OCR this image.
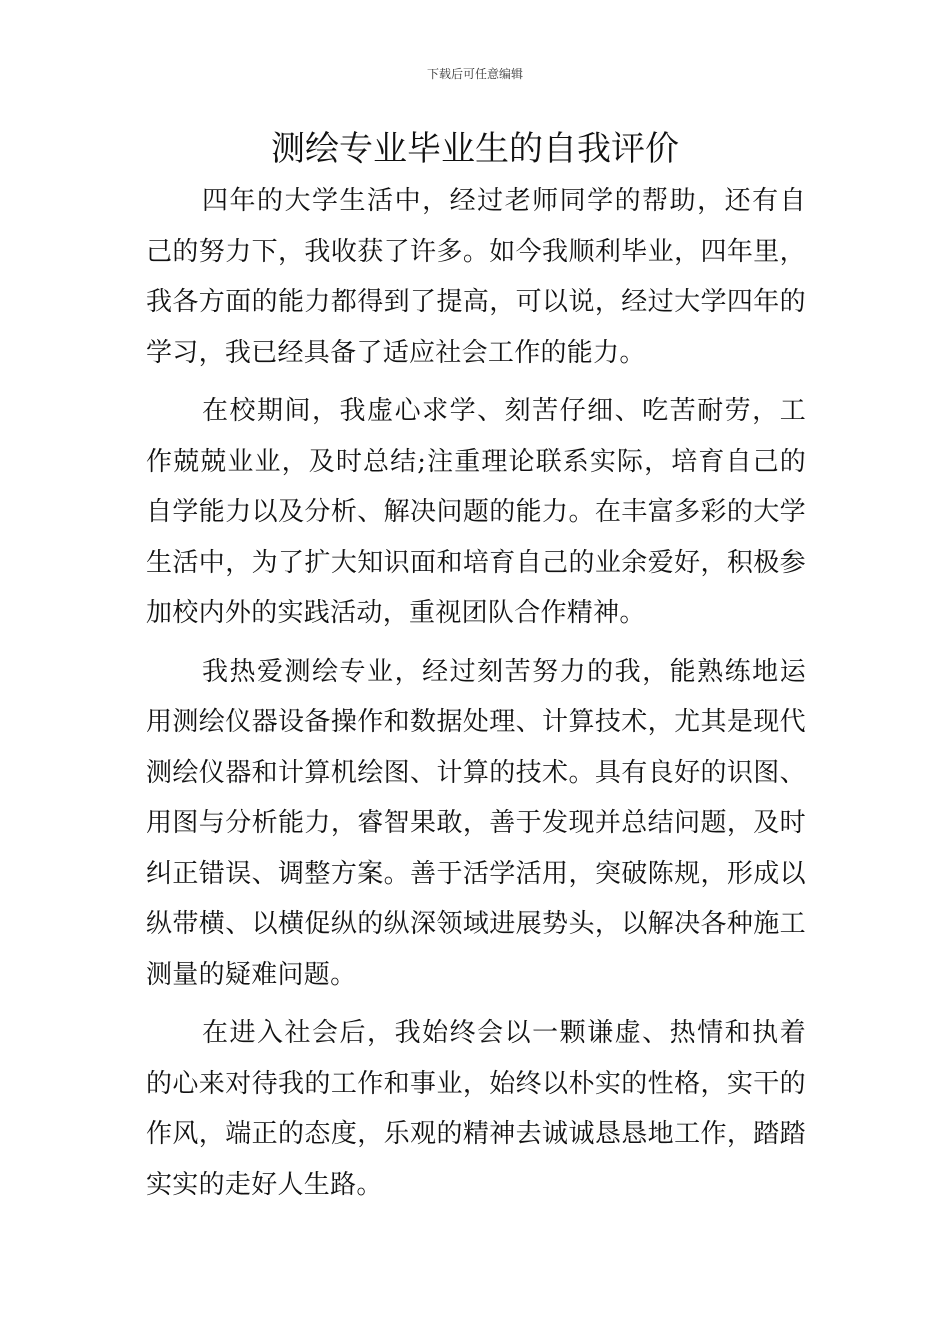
下载后可任意编辑
测绘专业毕业生的自我评价

四年的大学生活中，经过老师同学的帮助，还有自己的努力下，我收获了许多。如今我顺利毕业，四年里，我各方面的能力都得到了提高，可以说，经过大学四年的学习，我已经具备了适应社会工作的能力。

在校期间，我虚心求学、刻苦仔细、吃苦耐劳，工作兢兢业业，及时总结;注重理论联系实际，培育自己的自学能力以及分析、解决问题的能力。在丰富多彩的大学生活中，为了扩大知识面和培育自己的业余爱好，积极参加校内外的实践活动，重视团队合作精神。

我热爱测绘专业，经过刻苦努力的我，能熟练地运用测绘仪器设备操作和数据处理、计算技术，尤其是现代测绘仪器和计算机绘图、计算的技术。具有良好的识图、用图与分析能力，睿智果敢，善于发现并总结问题，及时纠正错误、调整方案。善于活学活用，突破陈规，形成以纵带横、以横促纵的纵深领域进展势头，以解决各种施工测量的疑难问题。

在进入社会后，我始终会以一颗谦虚、热情和执着的心来对待我的工作和事业，始终以朴实的性格，实干的作风，端正的态度，乐观的精神去诚诚恳恳地工作，踏踏实实的走好人生路。
